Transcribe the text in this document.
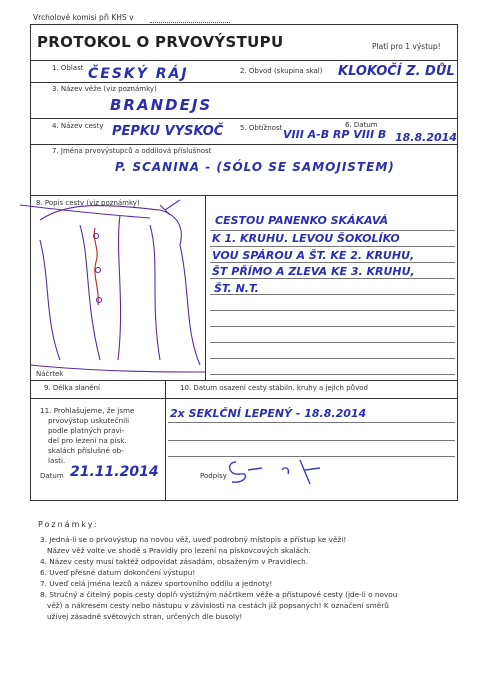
Vrcholové komisi při KHS v
PROTOKOL O PRVOVÝSTUPU	Platí pro 1 výstup!
1. Oblast ČESKÝ RÁJ	2. Obvod (skupina skal) KLOKOČÍ Z. DŮL
3. Název věže (viz poznámky)
BRANDEJS
4. Název cesty PEPKU VYSKOČ 5. Obtížnost VIII A-B RP VIII B
6. Datum
18.8.2014
7. Jména prvovýstupců a oddílová příslušnost
P. SCANINA - (SÓLO SE SAMOJISTEM)
8. Popis cesty (viz poznámky)
Náčrtek
CESTOU PANENKO SKÁKAVÁ
K 1. KRUHU. LEVOU ŠOKOLÍKO
VOU SPÁROU A ŠT. KE 2. KRUHU,
ŠT PŘÍMO A ZLEVA KE 3. KRUHU,
ŠT. N.T.
9. Délka slanění	10. Datum osazení cesty stabiln. kruhy a jejich původ
11. Prohlašujeme, že jsme
prvovýstup uskutečnili
podle platných pravi-
del pro lezení na písk.
skalách příslušné ob-
lasti.
2x SEKLČNÍ LEPENÝ - 18.8.2014
Datum 21.11.2014	Podpisy
Poznámky:
3. Jedná-li se o prvovýstup na novou věž, uveď podrobný místopis a přístup ke věži!
Název věž volte ve shodě s Pravidly pro lezení na pískovcových skalách.
4. Název cesty musí taktéž odpovídat zásadám, obsaženým v Pravidlech.
6. Uveď přesné datum dokončení výstupu!
7. Uveď celá jména lezců a název sportovního oddílu a jednoty!
8. Stručný a čitelný popis cesty doplň výstižným náčrtkem věže a přístupové cesty (jde-li o novou
věž) a nákresem cesty nebo nástupu v závislosti na cestách již popsaných! K označení směrů
užívej zásadně světových stran, určených dle busoly!
